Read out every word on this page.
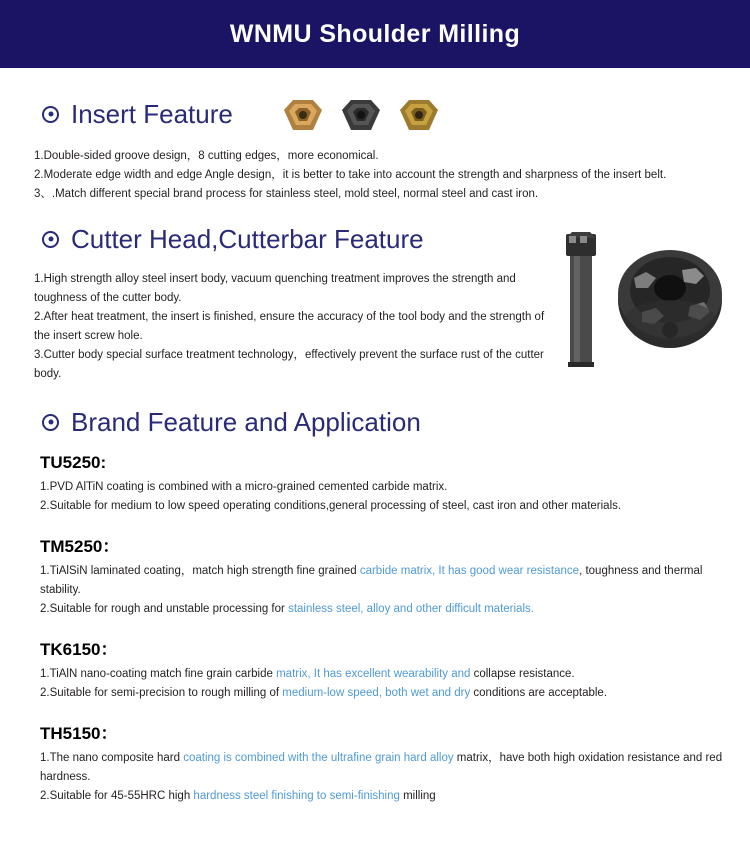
WNMU Shoulder Milling
Insert Feature
1.Double-sided groove design，8 cutting edges，more economical.
2.Moderate edge width and edge Angle design，it is better to take into account the strength and sharpness of the insert belt.
3、.Match different special brand process for stainless steel, mold steel, normal steel and cast iron.
Cutter Head,Cutterbar Feature
1.High strength alloy steel insert body, vacuum quenching treatment improves the strength and toughness of the cutter body.
2.After heat treatment, the insert is finished, ensure the accuracy of the tool body and the strength of the insert screw hole.
3.Cutter body special surface treatment technology，effectively prevent the surface rust of the cutter body.
Brand Feature and Application
TU5250:
1.PVD AlTiN coating is combined with a micro-grained cemented carbide matrix.
2.Suitable for medium to low speed operating conditions,general processing of steel, cast iron and other materials.
TM5250：
1.TiAlSiN laminated coating，match high strength fine grained carbide matrix, It has good wear resistance, toughness and thermal stability.
2.Suitable for rough and unstable processing for stainless steel, alloy and other difficult materials.
TK6150：
1.TiAlN nano-coating match fine grain carbide matrix, It has excellent wearability and collapse resistance.
2.Suitable for semi-precision to rough milling of medium-low speed, both wet and dry conditions are acceptable.
TH5150：
1.The nano composite hard coating is combined with the ultrafine grain hard alloy matrix，have both high oxidation resistance and red hardness.
2.Suitable for 45-55HRC high hardness steel finishing to semi-finishing milling
